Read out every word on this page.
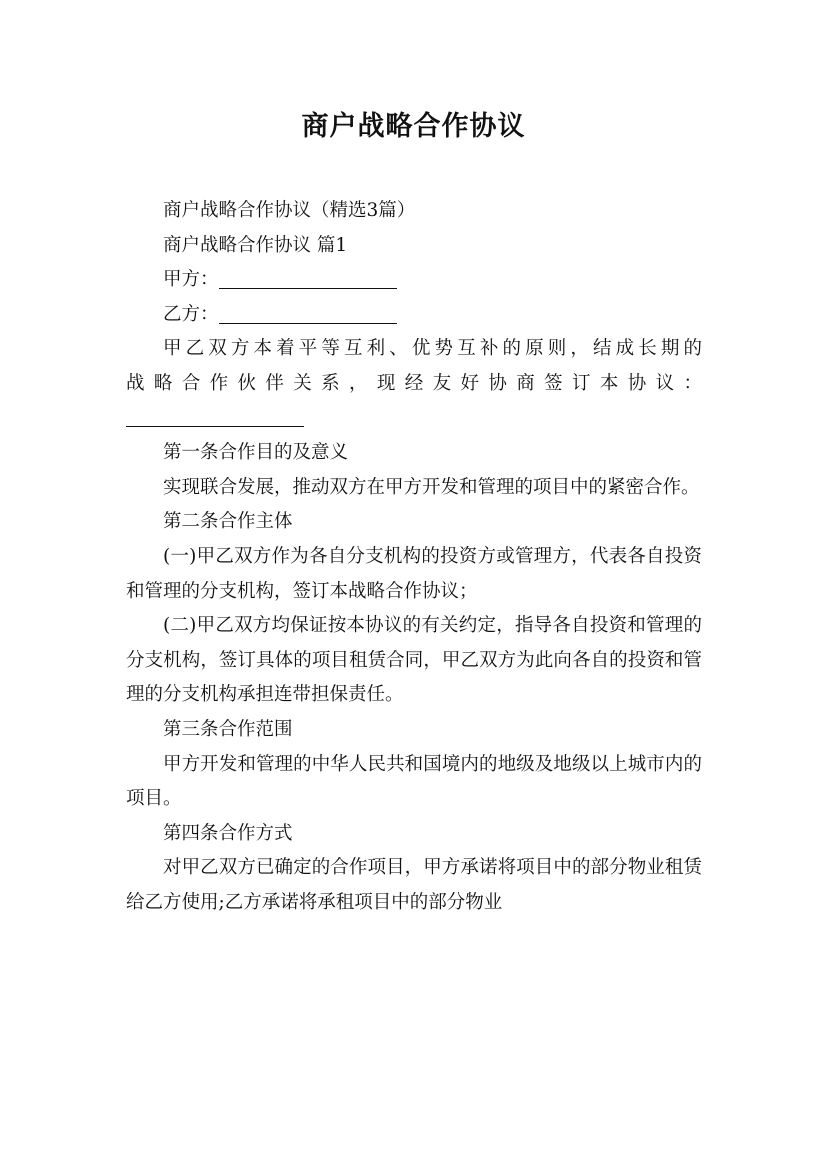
商户战略合作协议

商户战略合作协议（精选3篇）

商户战略合作协议 篇1

甲方：

乙方：

甲乙双方本着平等互利、优势互补的原则，结成长期的

战略合作伙伴关系，现经友好协商签订本协议：

第一条合作目的及意义

实现联合发展，推动双方在甲方开发和管理的项目中的紧密合作。

第二条合作主体

(一)甲乙双方作为各自分支机构的投资方或管理方，代表各自投资和管理的分支机构，签订本战略合作协议；

(二)甲乙双方均保证按本协议的有关约定，指导各自投资和管理的分支机构，签订具体的项目租赁合同，甲乙双方为此向各自的投资和管理的分支机构承担连带担保责任。

第三条合作范围

甲方开发和管理的中华人民共和国境内的地级及地级以上城市内的项目。

第四条合作方式

对甲乙双方已确定的合作项目，甲方承诺将项目中的部分物业租赁给乙方使用;乙方承诺将承租项目中的部分物业
